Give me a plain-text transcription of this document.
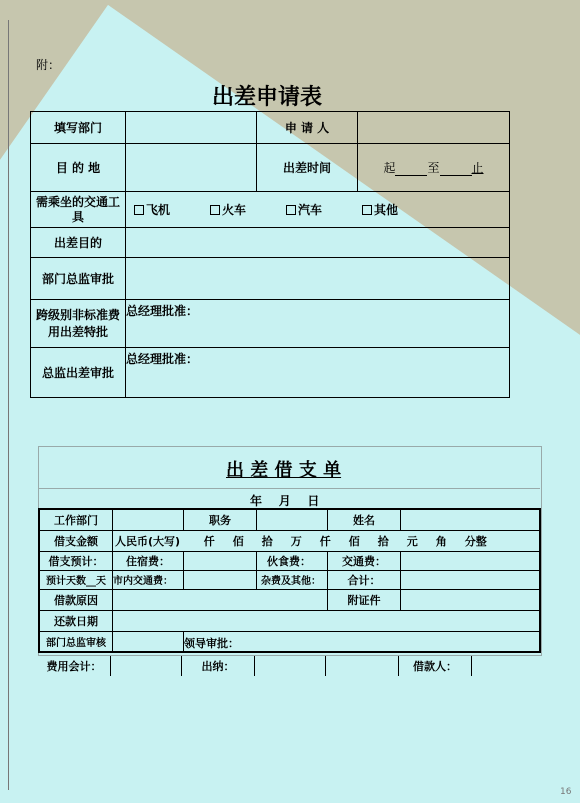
附：
出差申请表
填写部门		申 请 人	
目 的 地		出差时间	起 至 止
需乘坐的交通工具	飞机 火车 汽车 其他		
出差目的			
部门总监审批			
跨级别非标准费用出差特批	总经理批准：		
总监出差审批	总经理批准：		
出 差 借 支 单
年    月    日
工作部门		职务		姓名	
借支金额	人民币(大写) 仟 佰 拾 万 仟 佰 拾 元 角 分整				
借支预计：	住宿费：		伙食费：	交通费：	
预计天数__天	市内交通费：		杂费及其他：	合计：	
借款原因				附证件	
还款日期					
部门总监审核		领导审批：			
费用会计：		出纳：			借款人：	
16
